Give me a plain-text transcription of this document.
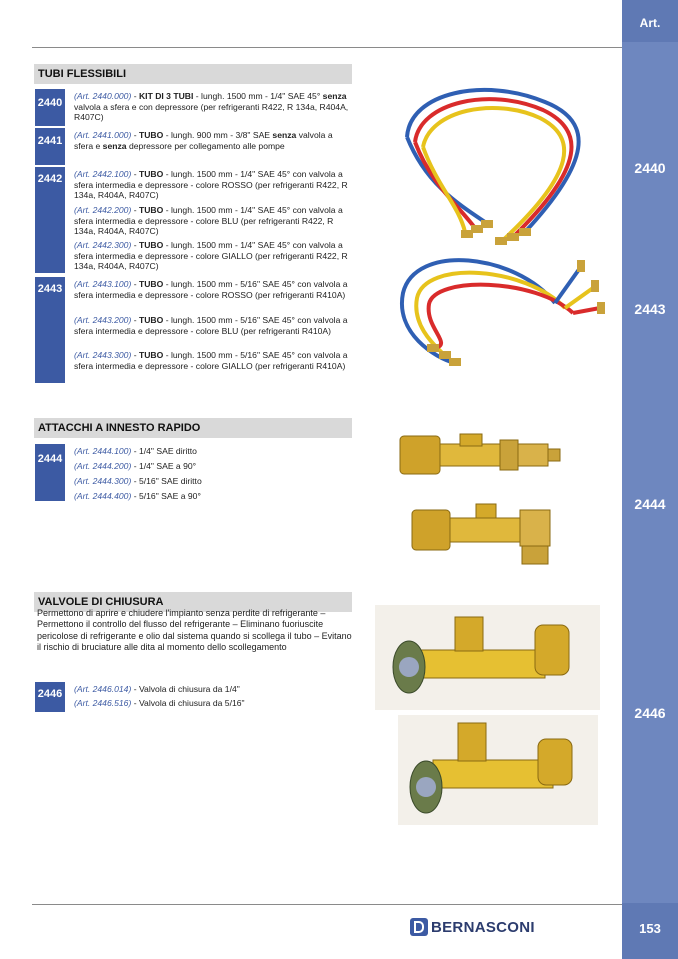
Art.
2440
2443
2444
2446
153
TUBI FLESSIBILI
2440
2441
2442
2443
(Art. 2440.000) - KIT DI 3 TUBI - lungh. 1500 mm - 1/4" SAE 45° senza valvola a sfera e con depressore (per refrigeranti R422, R 134a, R404A, R407C)
(Art. 2441.000) - TUBO - lungh. 900 mm - 3/8" SAE senza valvola a sfera e senza depressore per collegamento alle pompe
(Art. 2442.100) - TUBO - lungh. 1500 mm - 1/4" SAE 45° con valvola a sfera intermedia e depressore - colore ROSSO (per refrigeranti R422, R 134a, R404A, R407C)
(Art. 2442.200) - TUBO - lungh. 1500 mm - 1/4" SAE 45° con valvola a sfera intermedia e depressore - colore BLU (per refrigeranti R422, R 134a, R404A, R407C)
(Art. 2442.300) - TUBO - lungh. 1500 mm - 1/4" SAE 45° con valvola a sfera intermedia e depressore - colore GIALLO (per refrigeranti R422, R 134a, R404A, R407C)
(Art. 2443.100) - TUBO - lungh. 1500 mm - 5/16" SAE 45° con valvola a sfera intermedia e depressore - colore ROSSO (per refrigeranti R410A)
(Art. 2443.200) - TUBO - lungh. 1500 mm - 5/16" SAE 45° con valvola a sfera intermedia e depressore - colore BLU (per refrigeranti R410A)
(Art. 2443.300) - TUBO - lungh. 1500 mm - 5/16" SAE 45° con valvola a sfera intermedia e depressore - colore GIALLO (per refrigeranti R410A)
ATTACCHI A INNESTO RAPIDO
2444
(Art. 2444.100) - 1/4" SAE diritto
(Art. 2444.200) - 1/4" SAE a 90°
(Art. 2444.300) - 5/16" SAE diritto
(Art. 2444.400) - 5/16" SAE a 90°
VALVOLE DI CHIUSURA
Permettono di aprire e chiudere l'impianto senza perdite di refrigerante – Permettono il controllo del flusso del refrigerante – Eliminano fuoriuscite pericolose di refrigerante e olio dal sistema quando si scollega il tubo – Evitano il rischio di bruciature alle dita al momento dello scollegamento
2446	(Art. 2446.014) - Valvola di chiusura da 1/4"
(Art. 2446.516) - Valvola di chiusura da 5/16"
BERNASCONI
